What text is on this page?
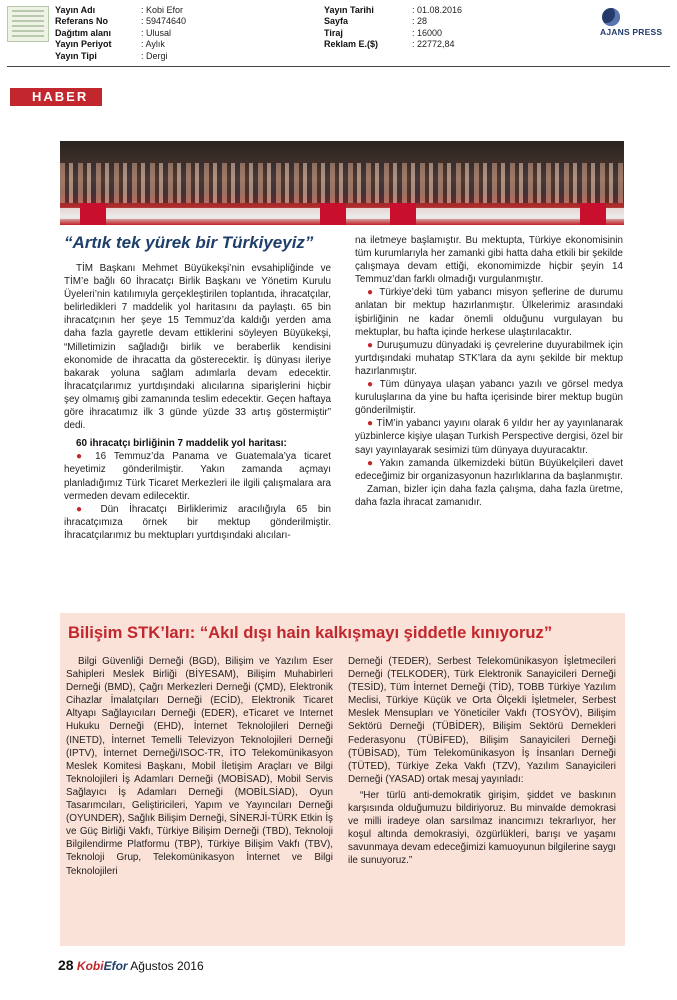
Yayın Adı	: Kobi Efor
Referans No	: 59474640
Dağıtım alanı	: Ulusal
Yayın Periyot	: Aylık
Yayın Tipi	: Dergi
Yayın Tarihi	: 01.08.2016
Sayfa	: 28
Tiraj	: 16000
Reklam E.($)	: 22772,84
AJANS PRESS
HABER
“Artık tek yürek bir Türkiyeyiz”

TİM Başkanı Mehmet Büyükekşi’nin evsahipliğinde ve TİM’e bağlı 60 İhracatçı Birlik Başkanı ve Yönetim Kurulu Üyeleri’nin katılımıyla gerçekleştirilen toplantıda, ihracatçılar, belirledikleri 7 maddelik yol haritasını da paylaştı. 65 bin ihracatçının her şeye 15 Temmuz’da kaldığı yerden ama daha fazla gayretle devam ettiklerini söyleyen Büyükekşi, “Milletimizin sağladığı birlik ve beraberlik kendisini ekonomide de ihracatta da gösterecektir. İş dünyası ileriye bakarak yoluna sağlam adımlarla devam edecektir. İhracatçılarımız yurtdışındaki alıcılarına siparişlerini hiçbir şey olmamış gibi zamanında teslim edecektir. Geçen haftaya göre ihracatımız ilk 3 günde yüzde 33 artış göstermiştir” dedi.

60 ihracatçı birliğinin 7 maddelik yol haritası:

● 16 Temmuz’da Panama ve Guatemala’ya ticaret heyetimiz gönderilmiştir. Yakın zamanda açmayı planladığımız Türk Ticaret Merkezleri ile ilgili çalışmalara ara vermeden devam edilecektir.

● Dün İhracatçı Birliklerimiz aracılığıyla 65 bin ihracatçımıza örnek bir mektup gönderilmiştir. İhracatçılarımız bu mektupları yurtdışındaki alıcıları-

na iletmeye başlamıştır. Bu mektupta, Türkiye ekonomisinin tüm kurumlarıyla her zamanki gibi hatta daha etkili bir şekilde çalışmaya devam ettiği, ekonomimizde hiçbir şeyin 14 Temmuz’dan farklı olmadığı vurgulanmıştır.

● Türkiye’deki tüm yabancı misyon şeflerine de durumu anlatan bir mektup hazırlanmıştır. Ülkelerimiz arasındaki işbirliğinin ne kadar önemli olduğunu vurgulayan bu mektuplar, bu hafta içinde herkese ulaştırılacaktır.

● Duruşumuzu dünyadaki iş çevrelerine duyurabilmek için yurtdışındaki muhatap STK’lara da aynı şekilde bir mektup hazırlanmıştır.

● Tüm dünyaya ulaşan yabancı yazılı ve görsel medya kuruluşlarına da yine bu hafta içerisinde birer mektup bugün gönderilmiştir.

● TİM’in yabancı yayını olarak 6 yıldır her ay yayınlanarak yüzbinlerce kişiye ulaşan Turkish Perspective dergisi, özel bir sayı yayınlayarak sesimizi tüm dünyaya duyuracaktır.

● Yakın zamanda ülkemizdeki bütün Büyükelçileri davet edeceğimiz bir organizasyonun hazırlıklarına da başlanmıştır.

Zaman, bizler için daha fazla çalışma, daha fazla üretme, daha fazla ihracat zamanıdır.

Bilişim STK’ları: “Akıl dışı hain kalkışmayı şiddetle kınıyoruz”

Bilgi Güvenliği Derneği (BGD), Bilişim ve Yazılım Eser Sahipleri Meslek Birliği (BİYESAM), Bilişim Muhabirleri Derneği (BMD), Çağrı Merkezleri Derneği (ÇMD), Elektronik Cihazlar İmalatçıları Derneği (ECİD), Elektronik Ticaret Altyapı Sağlayıcıları Derneği (EDER), eTicaret ve Internet Hukuku Derneği (EHD), İnternet Teknolojileri Derneği (INETD), İnternet Temelli Televizyon Teknolojileri Derneği (IPTV), İnternet Derneği/ISOC-TR, İTO Telekomünikasyon Meslek Komitesi Başkanı, Mobil İletişim Araçları ve Bilgi Teknolojileri İş Adamları Derneği (MOBİSAD), Mobil Servis Sağlayıcı İş Adamları Derneği (MOBİLSİAD), Oyun Tasarımcıları, Geliştiricileri, Yapım ve Yayıncıları Derneği (OYUNDER), Sağlık Bilişim Derneği, SİNERJİ-TÜRK Etkin İş ve Güç Birliği Vakfı, Türkiye Bilişim Derneği (TBD), Teknoloji Bilgilendirme Platformu (TBP), Türkiye Bilişim Vakfı (TBV), Teknoloji Grup, Telekomünikasyon İnternet ve Bilgi Teknolojileri

Derneği (TEDER), Serbest Telekomünikasyon İşletmecileri Derneği (TELKODER), Türk Elektronik Sanayicileri Derneği (TESİD), Tüm İnternet Derneği (TİD), TOBB Türkiye Yazılım Meclisi, Türkiye Küçük ve Orta Ölçekli İşletmeler, Serbest Meslek Mensupları ve Yöneticiler Vakfı (TOSYÖV), Bilişim Sektörü Derneği (TÜBİDER), Bilişim Sektörü Dernekleri Federasyonu (TÜBİFED), Bilişim Sanayicileri Derneği (TÜBİSAD), Tüm Telekomünikasyon İş İnsanları Derneği (TÜTED), Türkiye Zeka Vakfı (TZV), Yazılım Sanayicileri Derneği (YASAD) ortak mesaj yayınladı:

“Her türlü anti-demokratik girişim, şiddet ve baskının karşısında olduğumuzu bildiriyoruz. Bu minvalde demokrasi ve milli iradeye olan sarsılmaz inancımızı tekrarlıyor, her koşul altında demokrasiyi, özgürlükleri, barışı ve yaşamı savunmaya devam edeceğimizi kamuoyunun bilgilerine saygı ile sunuyoruz.”

28 KobiEfor Ağustos 2016
